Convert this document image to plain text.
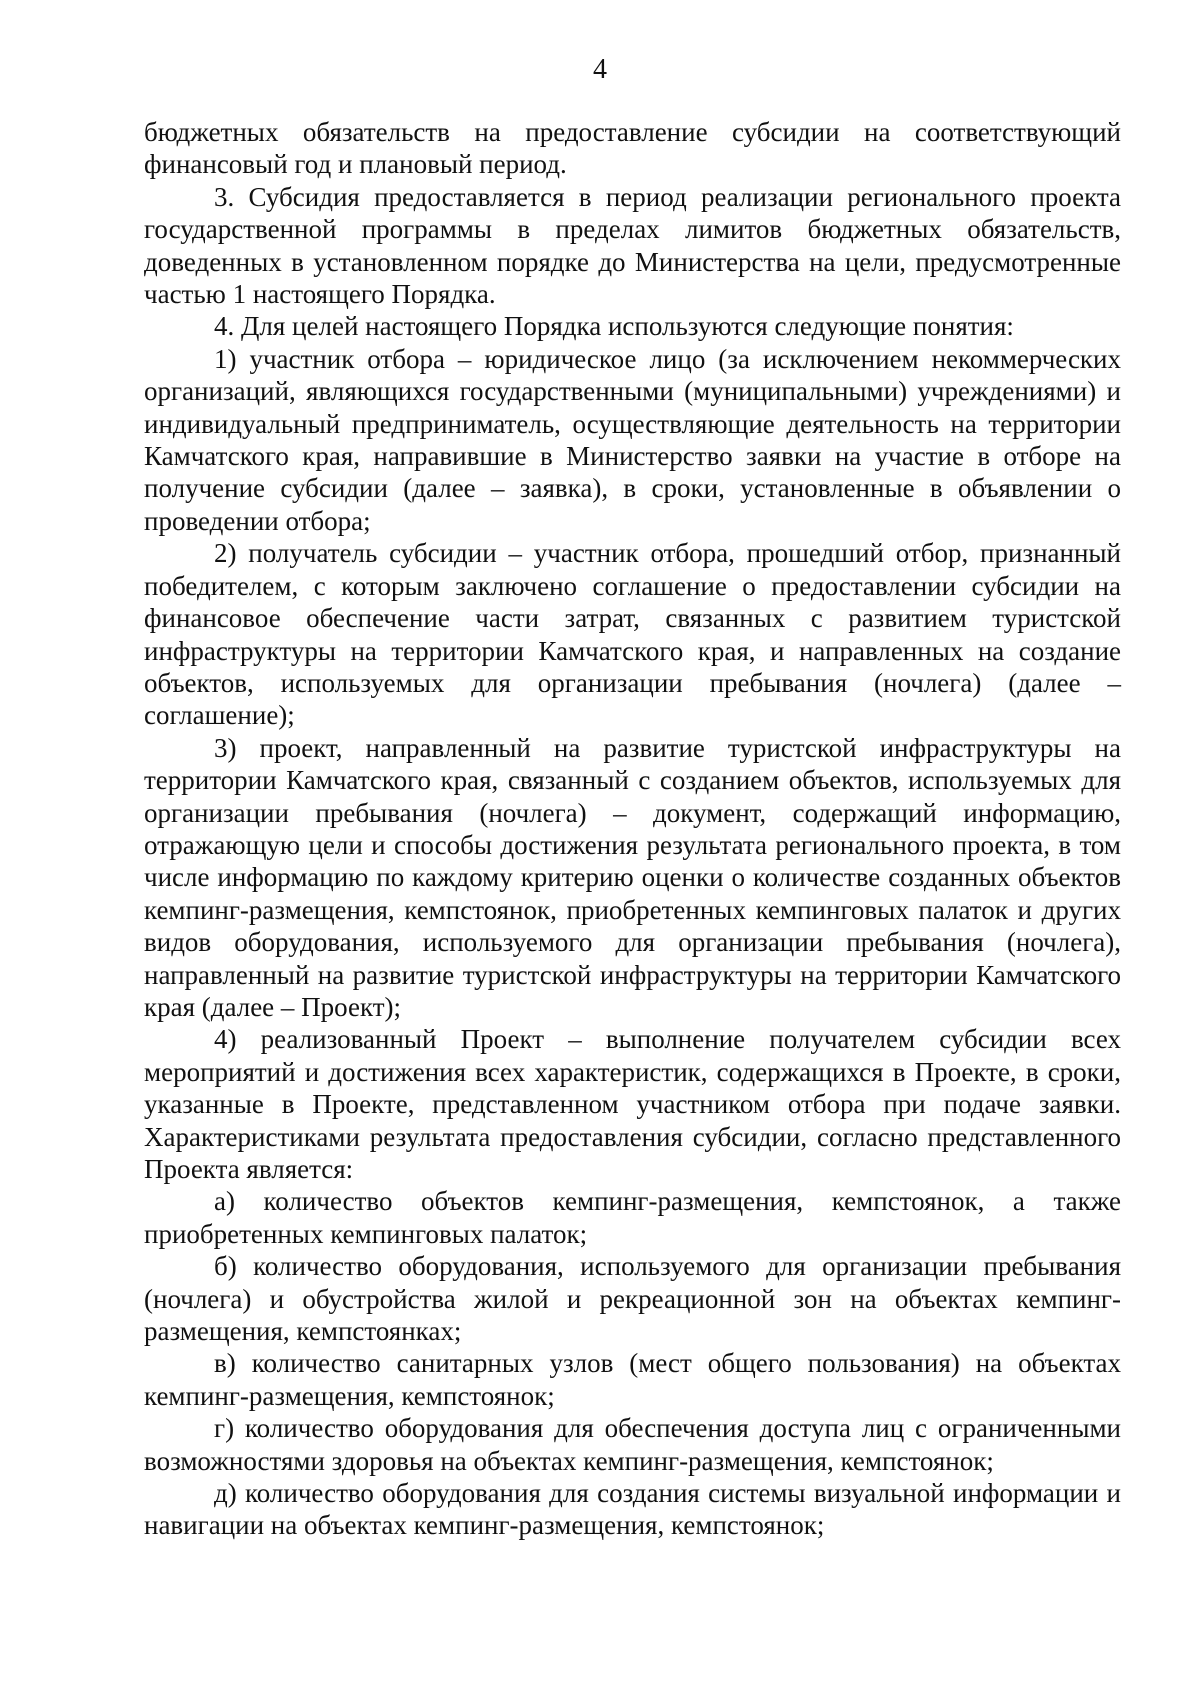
4

бюджетных обязательств на предоставление субсидии на соответствующий финансовый год и плановый период.

3. Субсидия предоставляется в период реализации регионального проекта государственной программы в пределах лимитов бюджетных обязательств, доведенных в установленном порядке до Министерства на цели, предусмотренные частью 1 настоящего Порядка.

4. Для целей настоящего Порядка используются следующие понятия:

1) участник отбора – юридическое лицо (за исключением некоммерческих организаций, являющихся государственными (муниципальными) учреждениями) и индивидуальный предприниматель, осуществляющие деятельность на территории Камчатского края, направившие в Министерство заявки на участие в отборе на получение субсидии (далее – заявка), в сроки, установленные в объявлении о проведении отбора;

2) получатель субсидии – участник отбора, прошедший отбор, признанный победителем, с которым заключено соглашение о предоставлении субсидии на финансовое обеспечение части затрат, связанных с развитием туристской инфраструктуры на территории Камчатского края, и направленных на создание объектов, используемых для организации пребывания (ночлега) (далее – соглашение);

3) проект, направленный на развитие туристской инфраструктуры на территории Камчатского края, связанный с созданием объектов, используемых для организации пребывания (ночлега) – документ, содержащий информацию, отражающую цели и способы достижения результата регионального проекта, в том числе информацию по каждому критерию оценки о количестве созданных объектов кемпинг-размещения, кемпстоянок, приобретенных кемпинговых палаток и других видов оборудования, используемого для организации пребывания (ночлега), направленный на развитие туристской инфраструктуры на территории Камчатского края (далее – Проект);

4) реализованный Проект – выполнение получателем субсидии всех мероприятий и достижения всех характеристик, содержащихся в Проекте, в сроки, указанные в Проекте, представленном участником отбора при подаче заявки. Характеристиками результата предоставления субсидии, согласно представленного Проекта является:

а) количество объектов кемпинг-размещения, кемпстоянок, а также приобретенных кемпинговых палаток;

б) количество оборудования, используемого для организации пребывания (ночлега) и обустройства жилой и рекреационной зон на объектах кемпинг-размещения, кемпстоянках;

в) количество санитарных узлов (мест общего пользования) на объектах кемпинг-размещения, кемпстоянок;

г) количество оборудования для обеспечения доступа лиц с ограниченными возможностями здоровья на объектах кемпинг-размещения, кемпстоянок;

д) количество оборудования для создания системы визуальной информации и навигации на объектах кемпинг-размещения, кемпстоянок;
